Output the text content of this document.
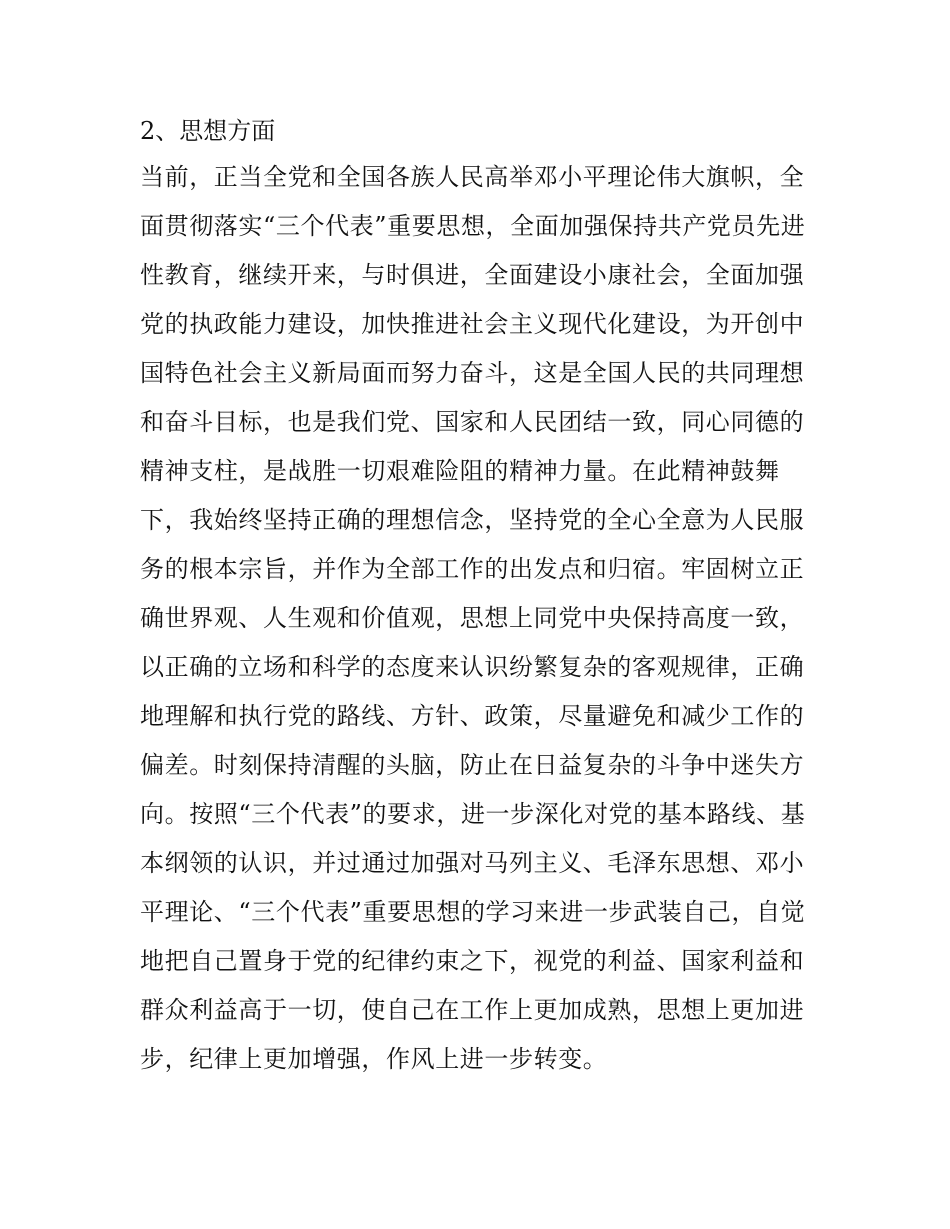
2、思想方面
当前，正当全党和全国各族人民高举邓小平理论伟大旗帜，全
面贯彻落实“三个代表”重要思想，全面加强保持共产党员先进
性教育，继续开来，与时俱进，全面建设小康社会，全面加强
党的执政能力建设，加快推进社会主义现代化建设，为开创中
国特色社会主义新局面而努力奋斗，这是全国人民的共同理想
和奋斗目标，也是我们党、国家和人民团结一致，同心同德的
精神支柱，是战胜一切艰难险阻的精神力量。在此精神鼓舞
下，我始终坚持正确的理想信念，坚持党的全心全意为人民服
务的根本宗旨，并作为全部工作的出发点和归宿。牢固树立正
确世界观、人生观和价值观，思想上同党中央保持高度一致，
以正确的立场和科学的态度来认识纷繁复杂的客观规律，正确
地理解和执行党的路线、方针、政策，尽量避免和减少工作的
偏差。时刻保持清醒的头脑，防止在日益复杂的斗争中迷失方
向。按照“三个代表”的要求，进一步深化对党的基本路线、基
本纲领的认识，并过通过加强对马列主义、毛泽东思想、邓小
平理论、“三个代表”重要思想的学习来进一步武装自己，自觉
地把自己置身于党的纪律约束之下，视党的利益、国家利益和
群众利益高于一切，使自己在工作上更加成熟，思想上更加进
步，纪律上更加增强，作风上进一步转变。
